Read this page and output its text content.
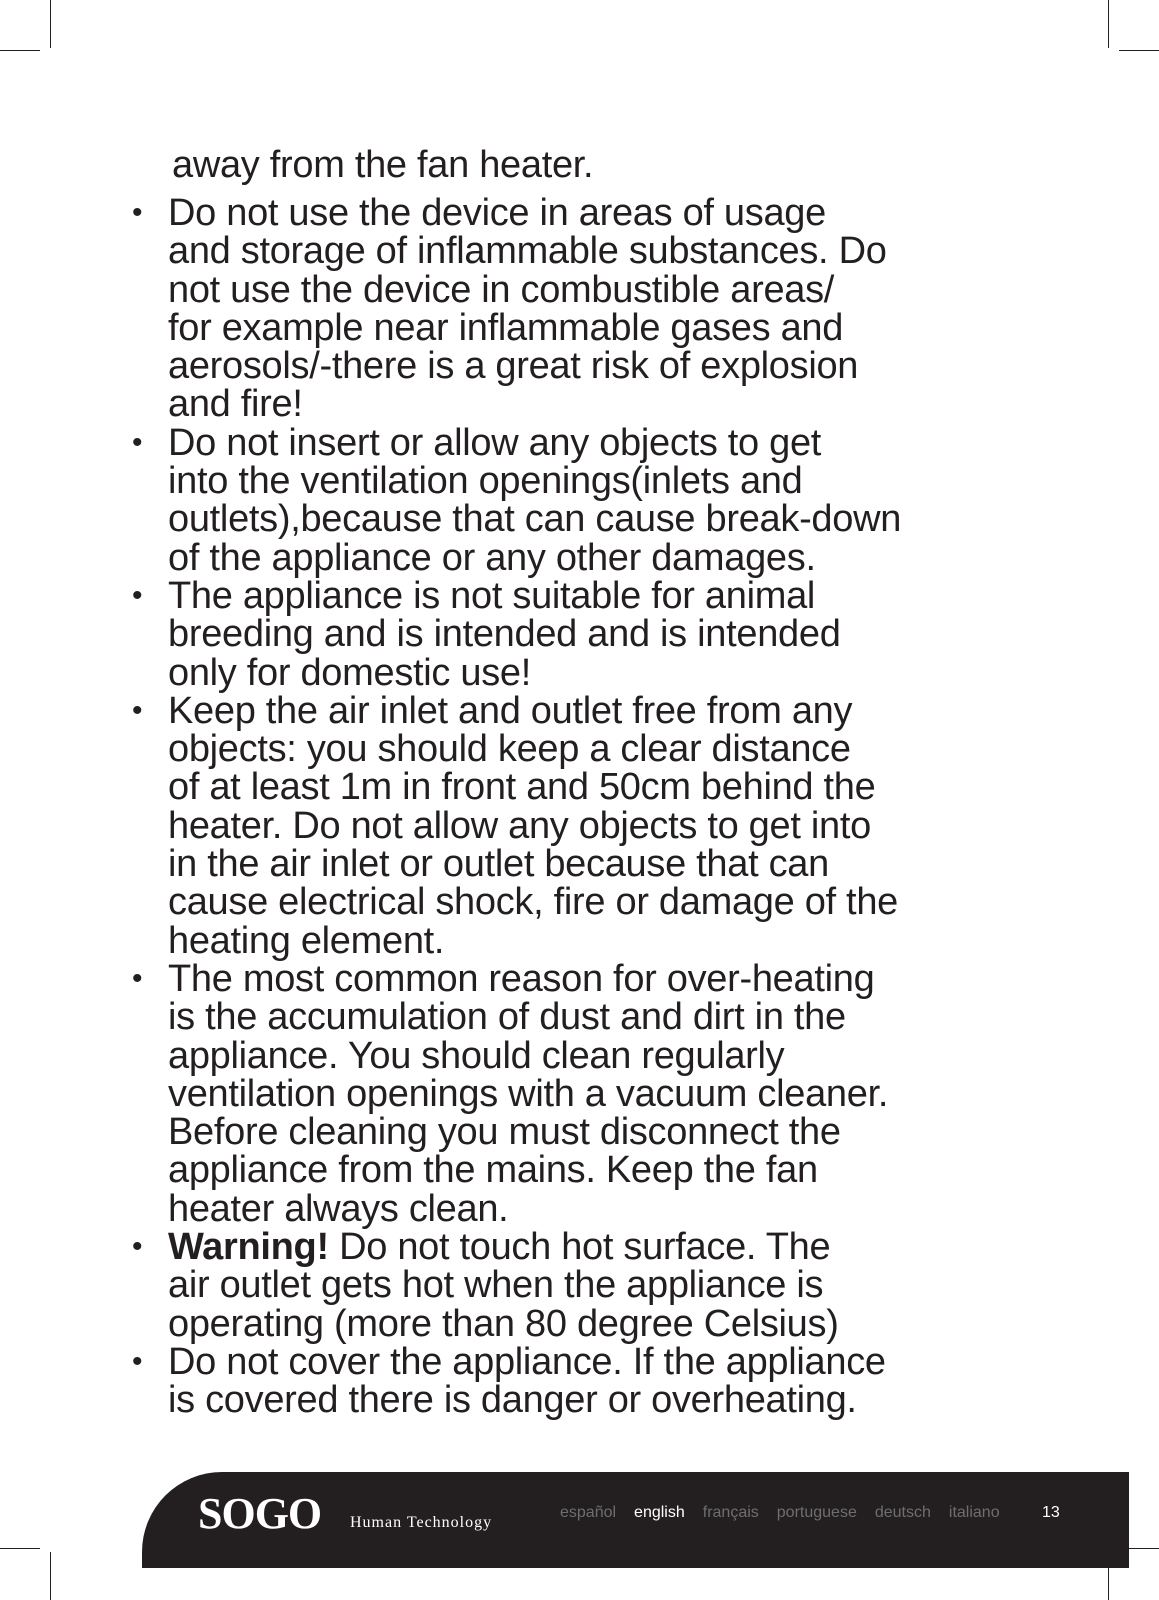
away from the fan heater.
• Do not use the device in areas of usage
and storage of inflammable substances. Do
not use the device in combustible areas/
for example near inflammable gases and
aerosols/-there is a great risk of explosion
and fire!
• Do not insert or allow any objects to get
into the ventilation openings(inlets and
outlets),because that can cause break-down
of the appliance or any other damages.
• The appliance is not suitable for animal
breeding and is intended and is intended
only for domestic use!
• Keep the air inlet and outlet free from any
objects: you should keep a clear distance
of at least 1m in front and 50cm behind the
heater. Do not allow any objects to get into
in the air inlet or outlet because that can
cause electrical shock, fire or damage of the
heating element.
• The most common reason for over-heating
is the accumulation of dust and dirt in the
appliance. You should clean regularly
ventilation openings with a vacuum cleaner.
Before cleaning you must disconnect the
appliance from the mains. Keep the fan
heater always clean.
• Warning! Do not touch hot surface. The
air outlet gets hot when the appliance is
operating (more than 80 degree Celsius)
• Do not cover the appliance. If the appliance
is covered there is danger or overheating.
SOGO Human Technology
español english français portuguese deutsch italiano	13
